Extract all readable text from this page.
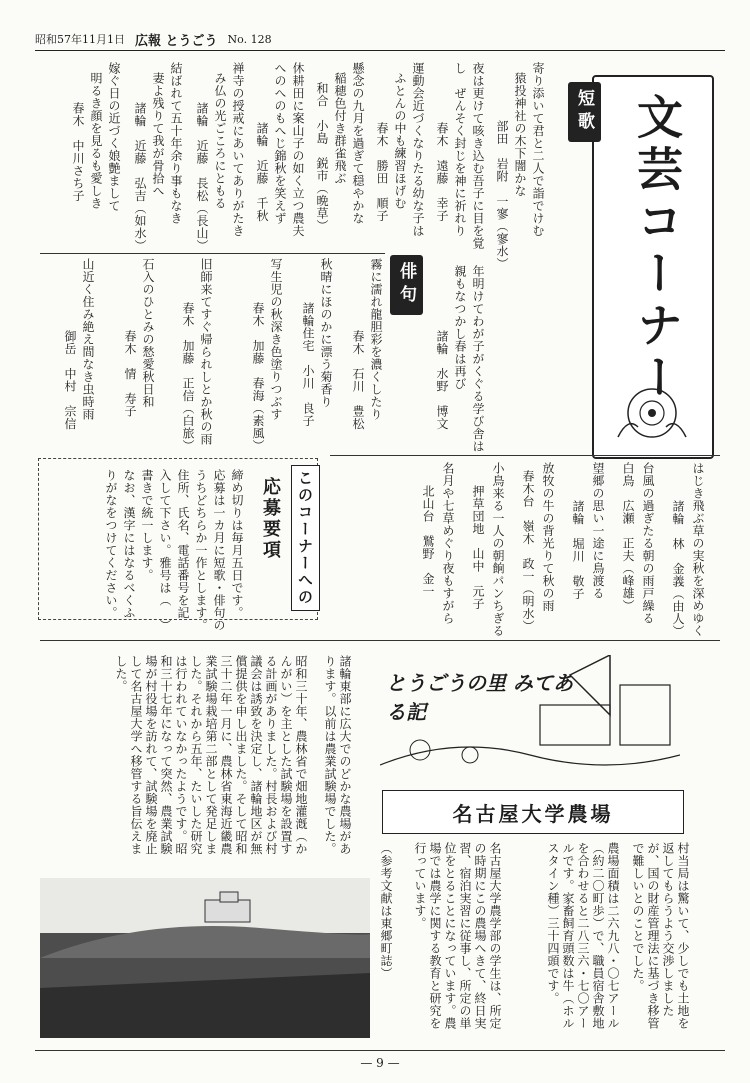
昭和57年11月1日 広報 とうごう No. 128
文芸コーナー
短歌
俳句
寄り添いて君と二人で詣でけむ
猿投神社の木下闇かな
部田　岩附　一寥（寥水）
夜は更けて咳き込む吾子に目を覚
し　ぜんそく封じを神に祈れり
春木　遠藤　幸子
運動会近づくなりたる幼な子は
ふとんの中も練習ほげむ
春木　勝田　順子
懸念の九月を過ぎて穏やかな
稲穂色付き群雀飛ぶ
和合　小島　鋭市（晩草）
休耕田に案山子の如く立つ農夫
へのへのもへじ錦秋を笑えず
諸輪　近藤　千秋
禅寺の授戒にあいてありがたき
み仏の光ごころにともる
諸輪　近藤　長松（長山）
結ばれて五十年余り事もなき
妻よ残りて我が骨拾へ
諸輪　近藤　弘吉（如水）
嫁ぐ日の近づく娘艶まして
明るき顔を見るも愛しき
春木　中川さち子
年明けてわが子がくぐる学び舎は
親もなつかし春は再び
諸輪　水野　博文
霧に濡れ龍胆彩を濃くしたり
春木　石川　豊松
秋晴にほのかに漂う菊香り
諸輪住宅　小川　良子
写生児の秋深き色塗りつぶす
春木　加藤　春海（素風）
旧師来てすぐ帰られしとか秋の雨
春木　加藤　正信（白旅）
石入のひとみの愁愛秋日和
春木　情　寿子
山近く住み絶え間なき虫時雨
御岳　中村　宗信
はじき飛ぶ草の実秋を深めゆく
諸輪　林　金義（由人）
台風の過ぎたる朝の雨戸繰る
白鳥　広瀬　正夫（峰雄）
望郷の思い一途に鳥渡る
諸輪　堀川　敬子
放牧の牛の背光りて秋の雨
春木台　嶺木　政一（明水）
小鳥来る一人の朝餉パンちぎる
押草団地　山中　元子
名月や七草めぐり夜もすがら
北山台　鷲野　金一
このコーナーへの
応募要項
締め切りは毎月五日です。
応募は一カ月に短歌・俳句の
うちどちらか一作とします。
住所、氏名、電話番号を記
入して下さい。雅号は（　）
書きで統一します。
なお、漢字にはなるべくふ
りがなをつけてください。
とうごうの里 みてある記
名古屋大学農場
諸輪東部に広大でのどかな農場があります。以前は農業試験場でした。
昭和三十年、農林省で畑地灌漑（かんがい）を主とした試験場を設置する計画がありました。村長および村議会は誘致を決定し、諸輪地区が無償提供を申し出ました。そして昭和三十二年一月に、農林省東海近畿農業試験場栽培第二部として発足しました。それから五年、たいした研究は行われていなかったようです。昭和三十七年になって突然、農業試験場が村役場を訪れて、試験場を廃止して名古屋大学へ移管する旨伝えました。
村当局は驚いて、少しでも土地を返してもらうよう交渉しましたが、国の財産管理法に基づき移管で難しいとのことでした。
農場面積は二六九八・〇七アール（約二〇町歩）で、職員宿舎敷地を合わせると二八三六・七〇アールです。家畜飼育頭数は牛（ホルスタイン種）三十四頭です。
名古屋大学農学部の学生は、所定の時期にこの農場へきて、終日実習、宿泊実習に従事し、所定の単位をとることになっています。農場では農学に関する教育と研究を行っています。
（参考文献は東郷町誌）
— 9 —
